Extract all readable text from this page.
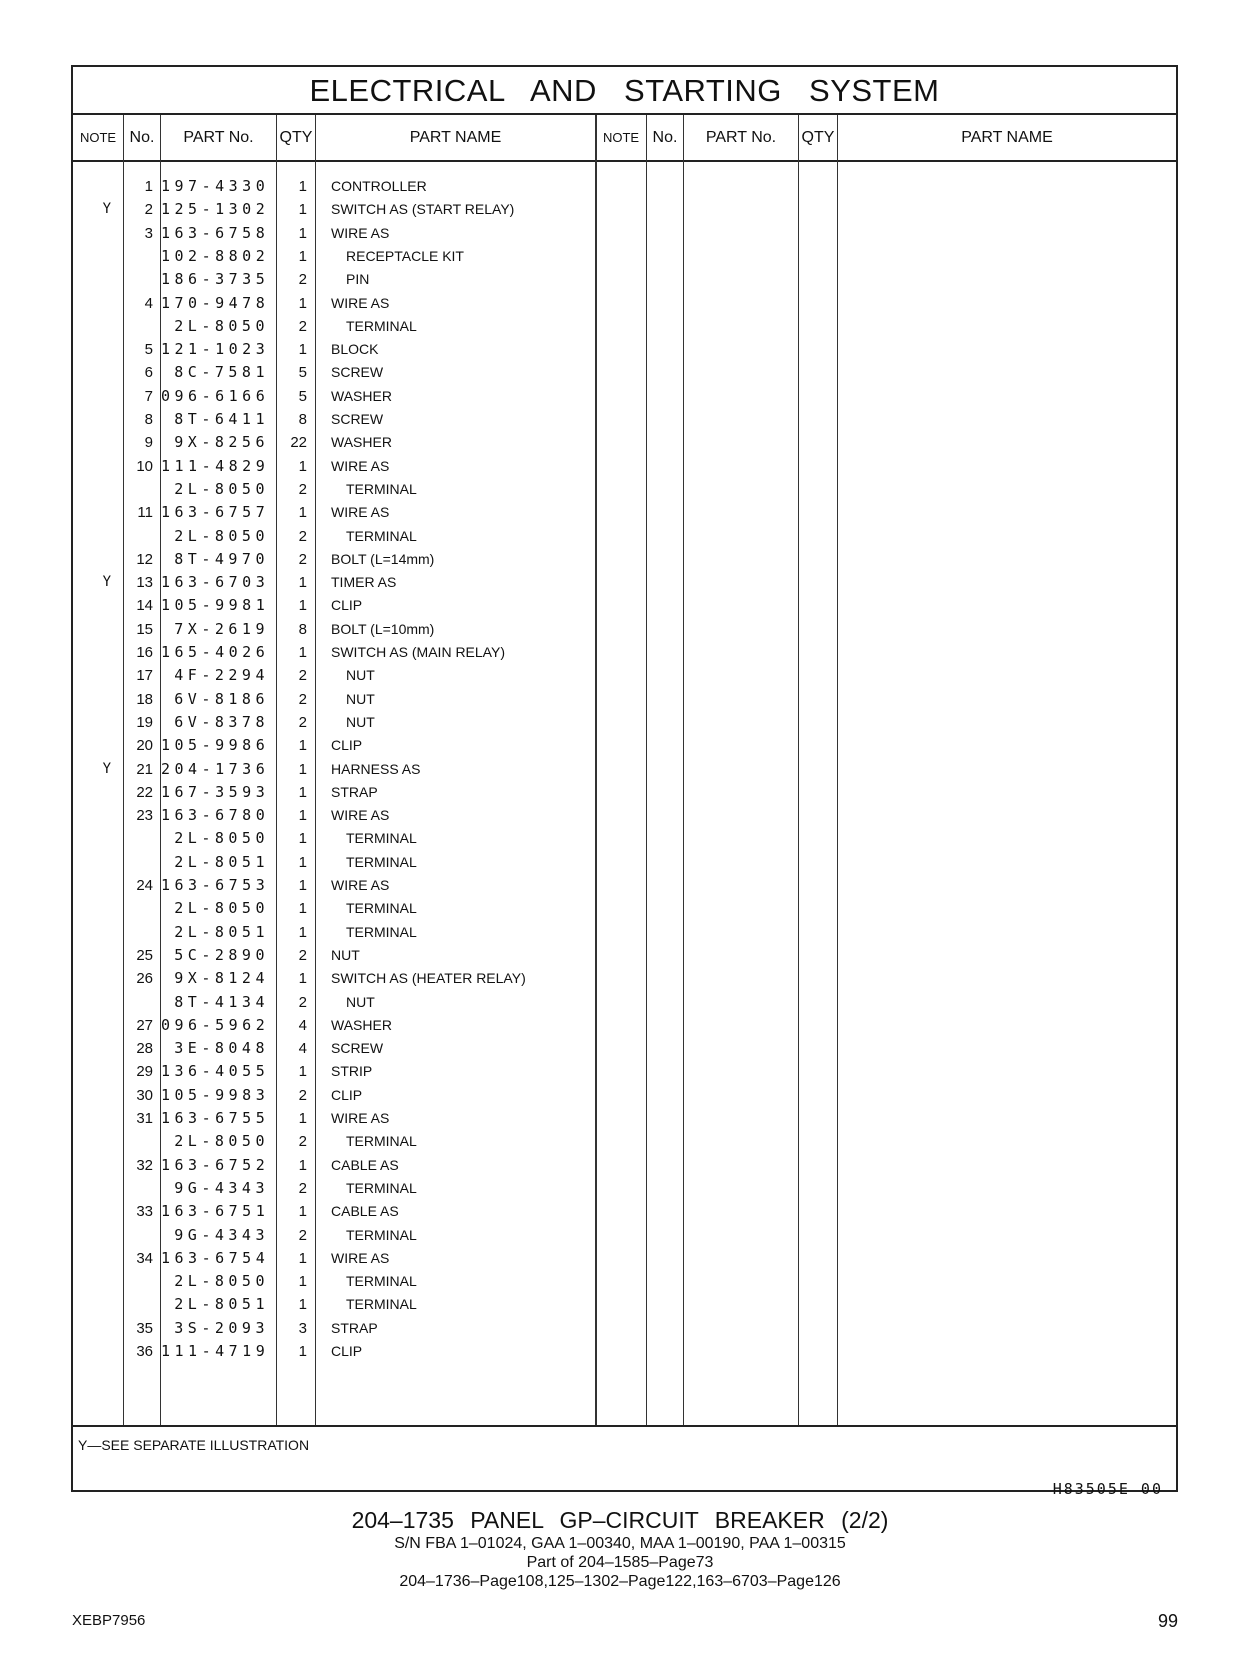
ELECTRICAL AND STARTING SYSTEM
NOTE No.	PART No.	QTY	PART NAME	NOTE No.	PART No.	QTY	PART NAME
1 197-4330	1 CONTROLLER
Y	2 125-1302	1 SWITCH AS (START RELAY)
3 163-6758	1 WIRE AS
102-8802	1	RECEPTACLE KIT
186-3735	2	PIN
4 170-9478	1 WIRE AS
2L-8050	2	TERMINAL
5 121-1023	1 BLOCK
6	8C-7581	5 SCREW
7 096-6166	5 WASHER
8	8T-6411	8 SCREW
9	9X-8256	22 WASHER
10 111-4829	1 WIRE AS
2L-8050	2	TERMINAL
11 163-6757	1 WIRE AS
2L-8050	2	TERMINAL
12	8T-4970	2 BOLT (L=14mm)
Y	13 163-6703	1 TIMER AS
14 105-9981	1 CLIP
15	7X-2619	8 BOLT (L=10mm)
16 165-4026	1 SWITCH AS (MAIN RELAY)
17	4F-2294	2	NUT
18	6V-8186	2	NUT
19	6V-8378	2	NUT
20 105-9986	1 CLIP
Y	21 204-1736	1 HARNESS AS
22 167-3593	1 STRAP
23 163-6780	1 WIRE AS
2L-8050	1	TERMINAL
2L-8051	1	TERMINAL
24 163-6753	1 WIRE AS
2L-8050	1	TERMINAL
2L-8051	1	TERMINAL
25	5C-2890	2 NUT
26	9X-8124	1 SWITCH AS (HEATER RELAY)
8T-4134	2	NUT
27 096-5962	4 WASHER
28	3E-8048	4 SCREW
29 136-4055	1 STRIP
30 105-9983	2 CLIP
31 163-6755	1 WIRE AS
2L-8050	2	TERMINAL
32 163-6752	1 CABLE AS
9G-4343	2	TERMINAL
33 163-6751	1 CABLE AS
9G-4343	2	TERMINAL
34 163-6754	1 WIRE AS
2L-8050	1	TERMINAL
2L-8051	1	TERMINAL
35	3S-2093	3 STRAP
36 111-4719	1 CLIP
Y—SEE SEPARATE ILLUSTRATION
H83505E 00
204–1735 PANEL GP–CIRCUIT BREAKER (2/2)
S/N FBA 1–01024, GAA 1–00340, MAA 1–00190, PAA 1–00315
Part of 204–1585–Page73
204–1736–Page108,125–1302–Page122,163–6703–Page126
XEBP7956	99
